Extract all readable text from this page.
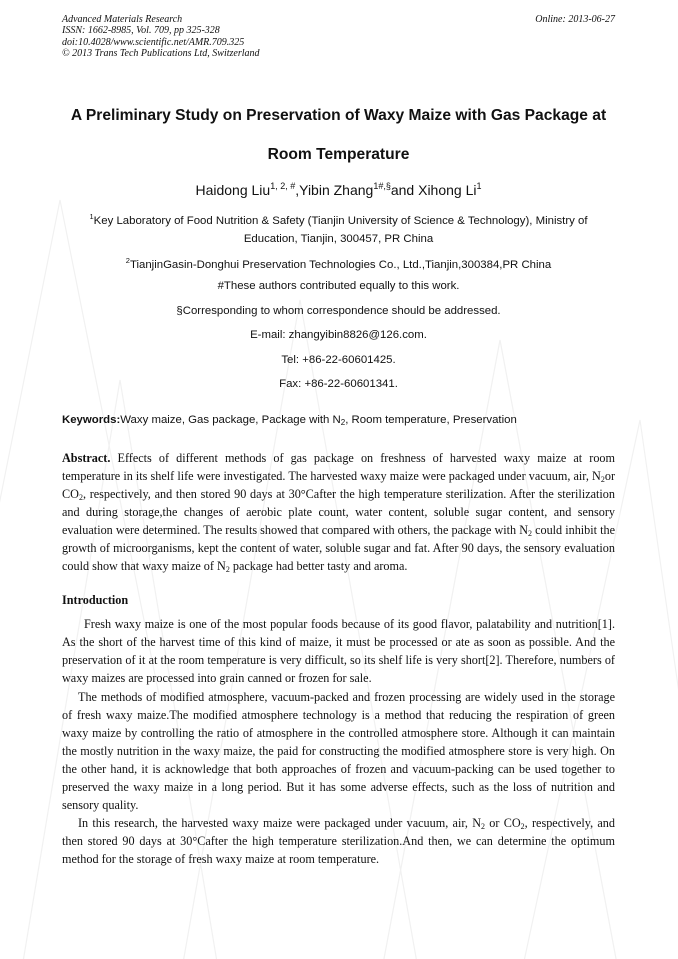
Advanced Materials Research
ISSN: 1662-8985, Vol. 709, pp 325-328
doi:10.4028/www.scientific.net/AMR.709.325
© 2013 Trans Tech Publications Ltd, Switzerland
Online: 2013-06-27
A Preliminary Study on Preservation of Waxy Maize with Gas Package at
Room Temperature
Haidong Liu$^{1, 2, \#}$,Yibin Zhang$^{1\#,\S}$and Xihong Li$^1$
$^1$Key Laboratory of Food Nutrition & Safety (Tianjin University of Science & Technology), Ministry of Education, Tianjin, 300457, PR China
$^2$TianjinGasin-Donghui Preservation Technologies Co., Ltd.,Tianjin,300384,PR China
#These authors contributed equally to this work.
§Corresponding to whom correspondence should be addressed.
E-mail: zhangyibin8826@126.com.
Tel: +86-22-60601425.
Fax: +86-22-60601341.
Keywords:Waxy maize, Gas package, Package with $N_2$, Room temperature, Preservation
Abstract. Effects of different methods of gas package on freshness of harvested waxy maize at room temperature in its shelf life were investigated. The harvested waxy maize were packaged under vacuum, air, $N_2or$ $CO_2$, respectively, and then stored 90 days at 30°Cafter the high temperature sterilization. After the sterilization and during storage,the changes of aerobic plate count, water content, soluble sugar content, and sensory evaluation were determined. The results showed that compared with others, the package with $N_2$ could inhibit the growth of microorganisms, kept the content of water, soluble sugar and fat. After 90 days, the sensory evaluation could show that waxy maize of $N_2$ package had better tasty and aroma.
Introduction
Fresh waxy maize is one of the most popular foods because of its good flavor, palatability and nutrition[1]. As the short of the harvest time of this kind of maize, it must be processed or ate as soon as possible. And the preservation of it at the room temperature is very difficult, so its shelf life is very short[2]. Therefore, numbers of waxy maizes are processed into grain canned or frozen for sale.
The methods of modified atmosphere, vacuum-packed and frozen processing are widely used in the storage of fresh waxy maize.The modified atmosphere technology is a method that reducing the respiration of green waxy maize by controlling the ratio of atmosphere in the controlled atmosphere store. Although it can maintain the mostly nutrition in the waxy maize, the paid for constructing the modified atmosphere store is very high. On the other hand, it is acknowledge that both approaches of frozen and vacuum-packing can be used together to preserved the waxy maize in a long period. But it has some adverse effects, such as the loss of nutrition and sensory quality.
In this research, the harvested waxy maize were packaged under vacuum, air, $N_2$ or $CO_2$, respectively, and then stored 90 days at 30°Cafter the high temperature sterilization.And then, we can determine the optimum method for the storage of fresh waxy maize at room temperature.
